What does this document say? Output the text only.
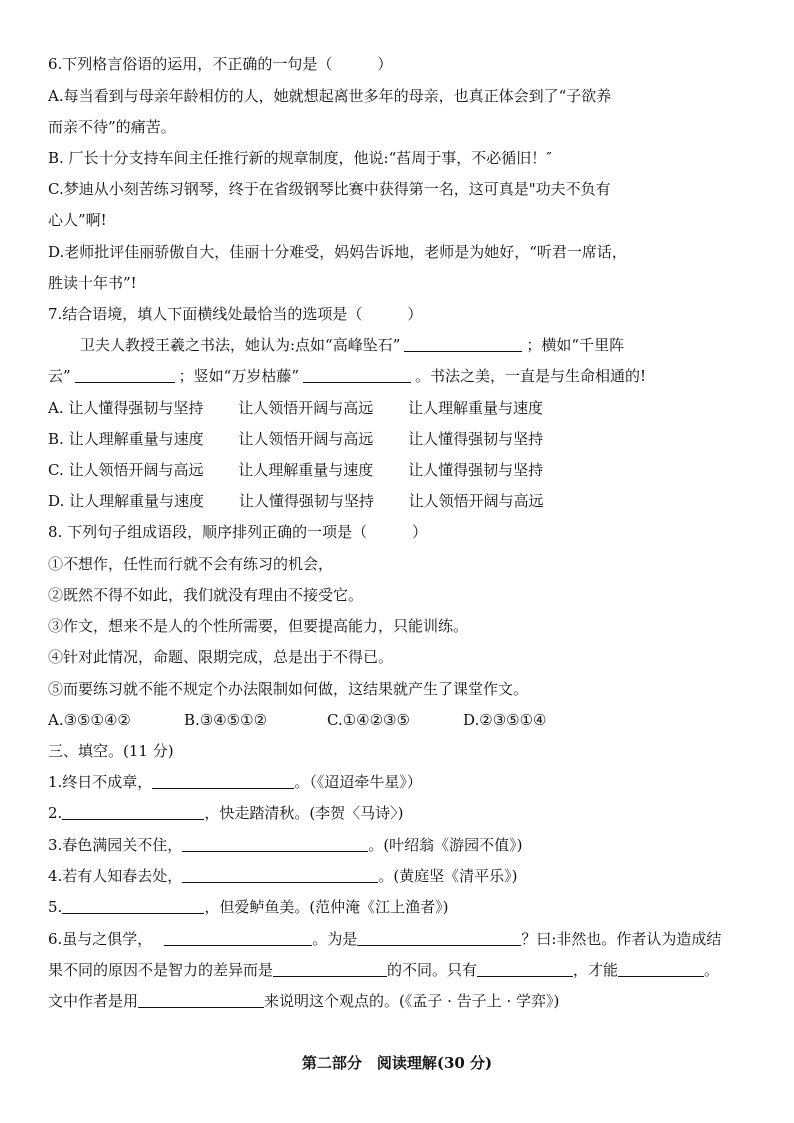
6.下列格言俗语的运用，不正确的一句是（　　　）
A.每当看到与母亲年龄相仿的人，她就想起离世多年的母亲，也真正体会到了“子欲养
而亲不待”的痛苦。
B. 厂长十分支持车间主任推行新的规章制度，他说:“萏周于事，不必循旧！″
C.梦迪从小刻苦练习钢琴，终于在省级钢琴比赛中获得第一名，这可真是"功夫不负有
心人”啊!
D.老师批评佳丽骄傲自大，佳丽十分难受，妈妈告诉地，老师是为她好，“听君一席话，
胜读十年书”!
7.结合语境，填人下面横线处最恰当的选项是（　　　）
卫夫人教授王羲之书法，她认为:点如“高峰坠石”	；横如“千里阵
云”	；竖如“万岁枯藤”	。书法之美，一直是与生命相通的!
A. 让人懂得强韧与坚持 让人领悟开阔与高远 让人理解重量与速度
B. 让人理解重量与速度 让人领悟开阔与高远 让人懂得强韧与坚持
C. 让人领悟开阔与高远 让人理解重量与速度 让人懂得强韧与坚持
D. 让人理解重量与速度 让人懂得强韧与坚持 让人领悟开阔与高远
8. 下列句子组成语段，顺序排列正确的一项是（　　　）
①不想作，任性而行就不会有练习的机会，
②既然不得不如此，我们就没有理由不接受它。
③作文，想来不是人的个性所需要，但要提高能力，只能训练。
④针对此情况，命题、限期完成，总是出于不得已。
⑤而要练习就不能不规定个办法限制如何做，这结果就产生了课堂作文。
A.③⑤①④②	B.③④⑤①②	C.①④②③⑤	D.②③⑤①④
三、填空。(11 分)
1.终日不成章，	。（《迢迢牵牛星》）
2.	，快走踏清秋。(李贺〈马诗〉)
3.春色满园关不住，	。(叶绍翁《游园不值》)
4.若有人知春去处，	。(黄庭坚《清平乐》)
5.	，但爱鲈鱼美。(范仲淹《江上渔者》)
6.虽与之俱学，	。为是	？曰:非然也。作者认为造成结
果不同的原因不是智力的差异而是	的不同。只有	，才能	。
文中作者是用	来说明这个观点的。(《孟子 · 告子上 · 学弈》)
第二部分　阅读理解(30 分)
